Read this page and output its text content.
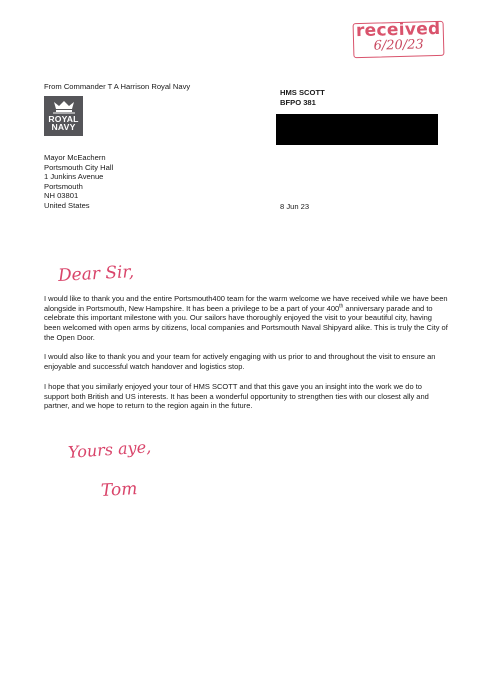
received
6/20/23
From Commander T A Harrison Royal Navy
ROYAL
NAVY
HMS SCOTT
BFPO 381
Mayor McEachern
Portsmouth City Hall
1 Junkins Avenue
Portsmouth
NH 03801
United States	8 Jun 23
Dear Sir,

I would like to thank you and the entire Portsmouth400 team for the warm welcome we have received while we have been alongside in Portsmouth, New Hampshire. It has been a privilege to be a part of your 400th anniversary parade and to celebrate this important milestone with you. Our sailors have thoroughly enjoyed the visit to your beautiful city, having been welcomed with open arms by citizens, local companies and Portsmouth Naval Shipyard alike. This is truly the City of the Open Door.

I would also like to thank you and your team for actively engaging with us prior to and throughout the visit to ensure an enjoyable and successful watch handover and logistics stop.

I hope that you similarly enjoyed your tour of HMS SCOTT and that this gave you an insight into the work we do to support both British and US interests. It has been a wonderful opportunity to strengthen ties with our closest ally and partner, and we hope to return to the region again in the future.

Yours aye,
Tom
